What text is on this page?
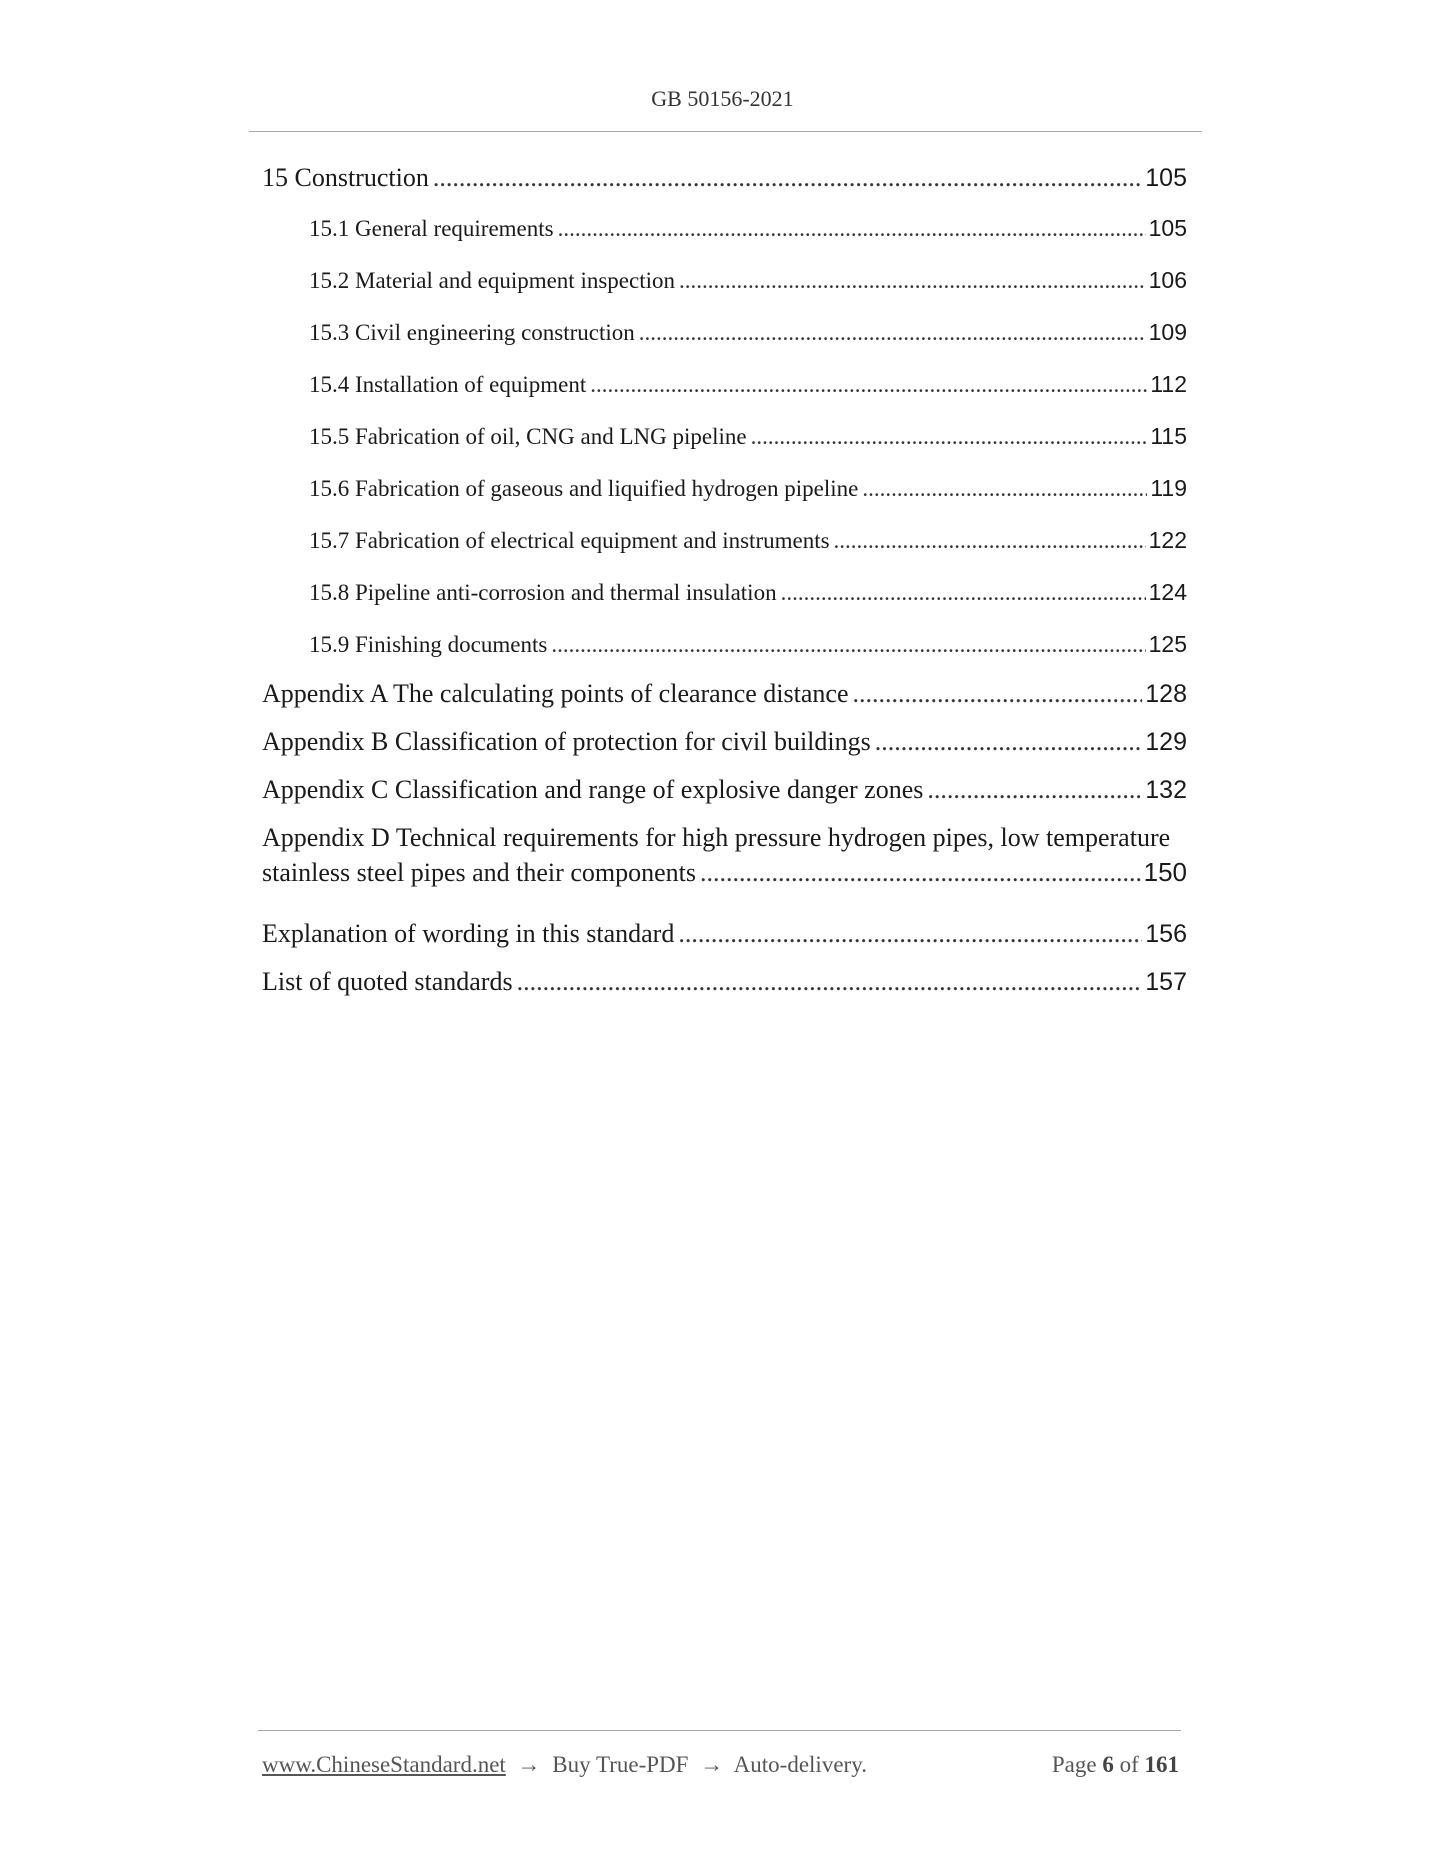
GB 50156-2021
15 Construction .....	105
15.1 General requirements .....	105
15.2 Material and equipment inspection .....	106
15.3 Civil engineering construction .....	109
15.4 Installation of equipment .....	112
15.5 Fabrication of oil, CNG and LNG pipeline .....	115
15.6 Fabrication of gaseous and liquified hydrogen pipeline .....	119
15.7 Fabrication of electrical equipment and instruments .....	122
15.8 Pipeline anti-corrosion and thermal insulation .....	124
15.9 Finishing documents .....	125
Appendix A The calculating points of clearance distance .....	128
Appendix B Classification of protection for civil buildings .....	129
Appendix C Classification and range of explosive danger zones .....	132
Appendix D Technical requirements for high pressure hydrogen pipes, low temperature
stainless steel pipes and their components .....	150
Explanation of wording in this standard .....	156
List of quoted standards .....	157
www.ChineseStandard.net → Buy True-PDF → Auto-delivery.	Page 6 of 161
